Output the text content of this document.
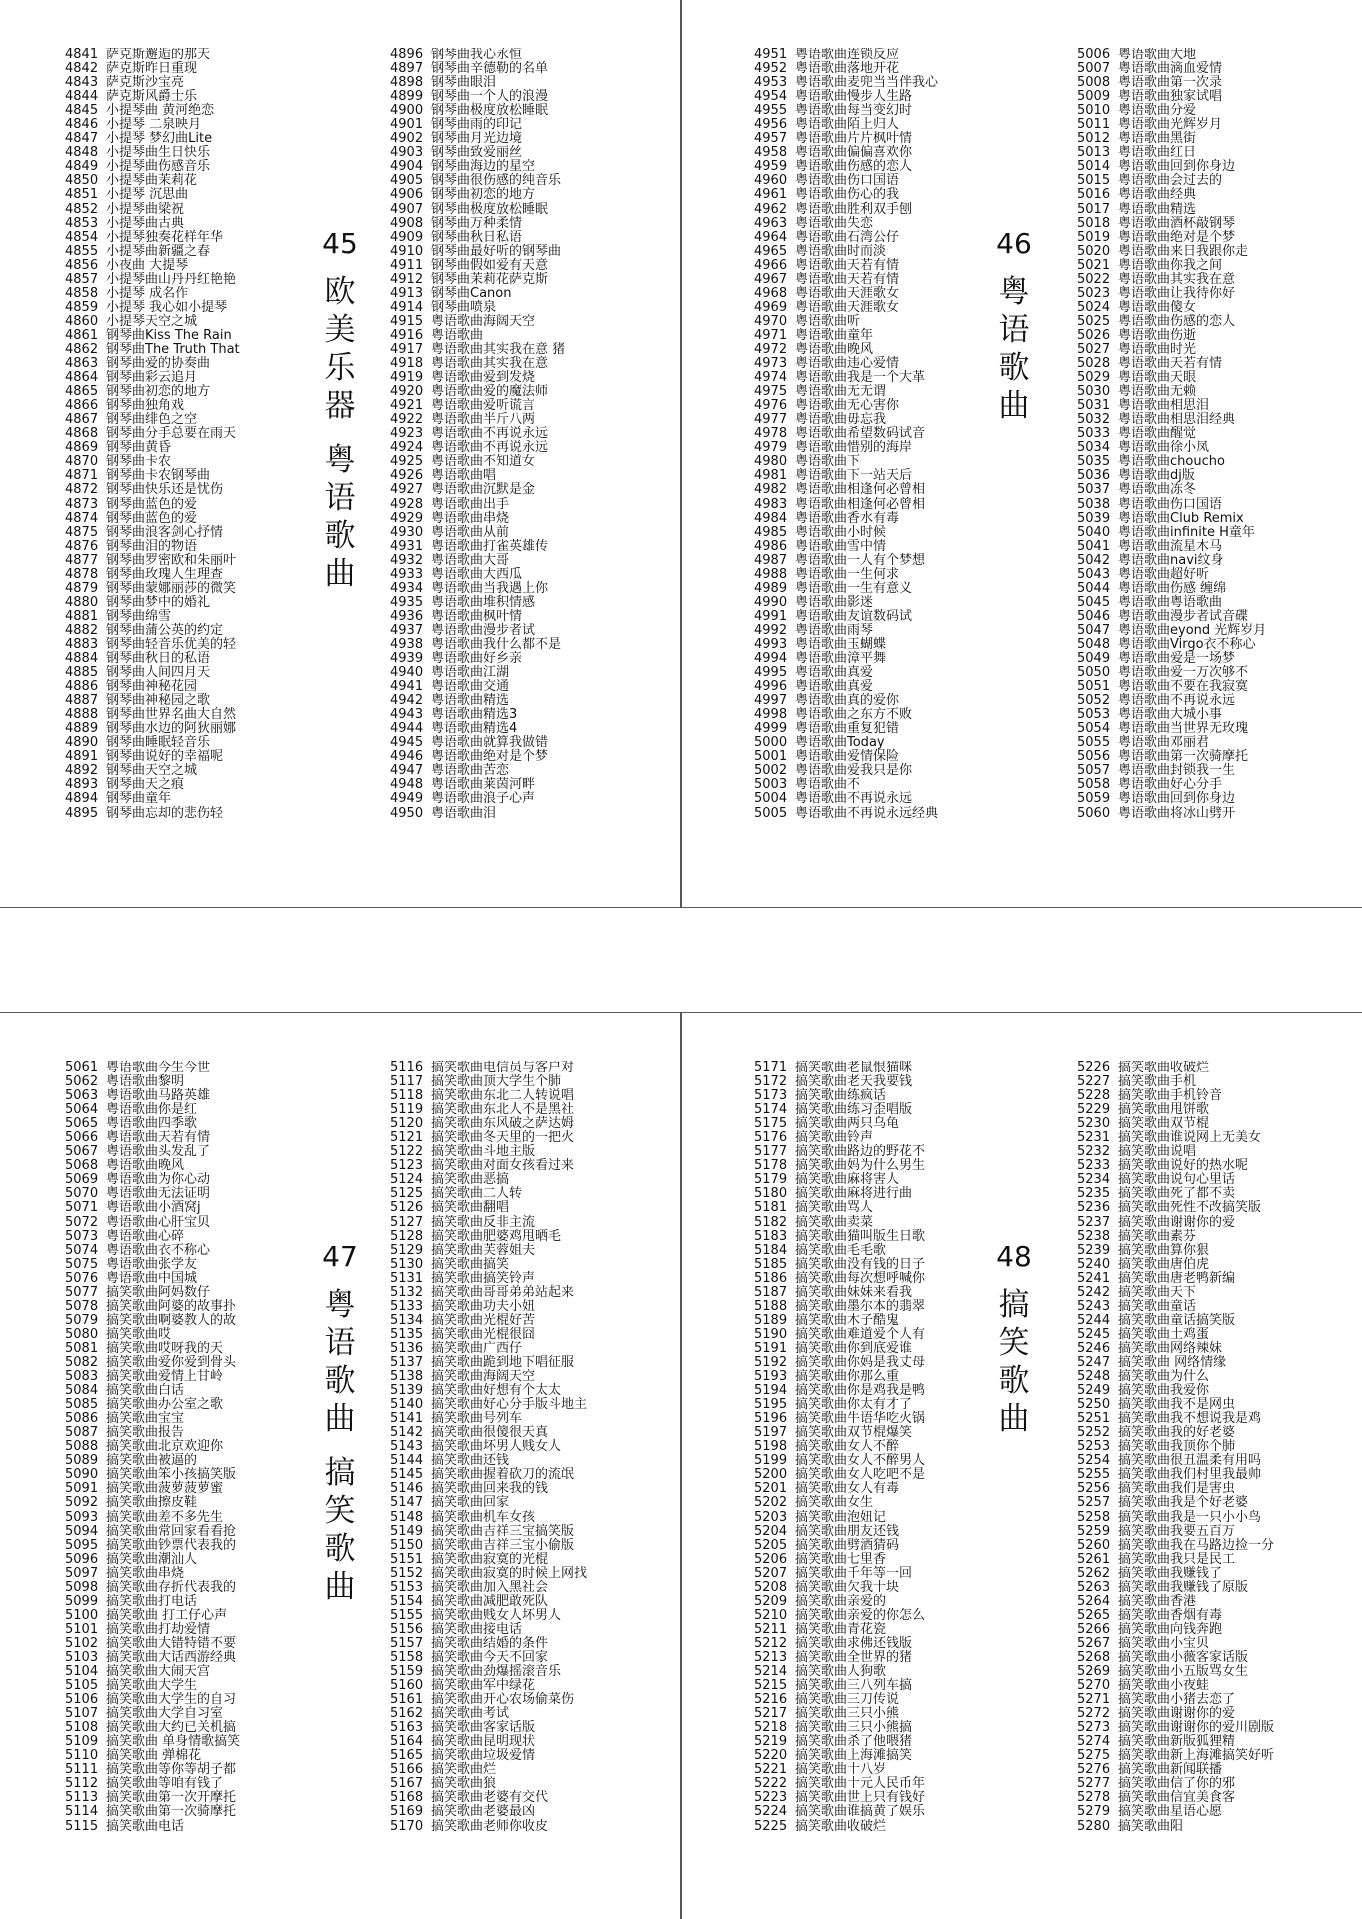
4841 萨克斯邂逅的那天
4842 萨克斯昨日重现
4843 萨克斯沙宝亮
4844 萨克斯风爵士乐
4845 小提琴曲 黄河绝恋
4846 小提琴 二泉映月
4847 小提琴 梦幻曲Lite
4848 小提琴曲生日快乐
4849 小提琴曲伤感音乐
4850 小提琴曲茉莉花
4851 小提琴 沉思曲
4852 小提琴曲梁祝
4853 小提琴曲古典
4854 小提琴独奏花样年华
4855 小提琴曲新疆之春
4856 小夜曲 大提琴
4857 小提琴曲山丹丹红艳艳
4858 小提琴 成名作
4859 小提琴 我心如小提琴
4860 小提琴天空之城
4861 钢琴曲Kiss The Rain
4862 钢琴曲The Truth That
4863 钢琴曲爱的协奏曲
4864 钢琴曲彩云追月
4865 钢琴曲初恋的地方
4866 钢琴曲独角戏
4867 钢琴曲绯色之空
4868 钢琴曲分手总要在雨天
4869 钢琴曲黄昏
4870 钢琴曲卡农
4871 钢琴曲卡农钢琴曲
4872 钢琴曲快乐还是忧伤
4873 钢琴曲蓝色的爱
4874 钢琴曲蓝色的爱
4875 钢琴曲浪客剑心抒情
4876 钢琴曲泪的物语
4877 钢琴曲罗密欧和朱丽叶
4878 钢琴曲玫瑰人生理查
4879 钢琴曲蒙娜丽莎的微笑
4880 钢琴曲梦中的婚礼
4881 钢琴曲绵雪
4882 钢琴曲蒲公英的约定
4883 钢琴曲轻音乐优美的轻
4884 钢琴曲秋日的私语
4885 钢琴曲人间四月天
4886 钢琴曲神秘花园
4887 钢琴曲神秘园之歌
4888 钢琴曲世界名曲大自然
4889 钢琴曲水边的阿狄丽娜
4890 钢琴曲睡眠轻音乐
4891 钢琴曲说好的幸福呢
4892 钢琴曲天空之城
4893 钢琴曲天之痕
4894 钢琴曲童年
4895 钢琴曲忘却的悲伤轻
4896 钢琴曲我心永恒
4897 钢琴曲辛德勒的名单
4898 钢琴曲眼泪
4899 钢琴曲一个人的浪漫
4900 钢琴曲极度放松睡眠
4901 钢琴曲雨的印记
4902 钢琴曲月光边境
4903 钢琴曲致爱丽丝
4904 钢琴曲海边的星空
4905 钢琴曲很伤感的纯音乐
4906 钢琴曲初恋的地方
4907 钢琴曲极度放松睡眠
4908 钢琴曲万种柔情
4909 钢琴曲秋日私语
4910 钢琴曲最好听的钢琴曲
4911 钢琴曲假如爱有天意
4912 钢琴曲茉莉花萨克斯
4913 钢琴曲Canon
4914 钢琴曲喷泉
4915 粤语歌曲海阔天空
4916 粤语歌曲
4917 粤语歌曲其实我在意 猪
4918 粤语歌曲其实我在意
4919 粤语歌曲爱到发烧
4920 粤语歌曲爱的魔法师
4921 粤语歌曲爱听谎言
4922 粤语歌曲半斤八两
4923 粤语歌曲不再说永远
4924 粤语歌曲不再说永远
4925 粤语歌曲不知道女
4926 粤语歌曲唱
4927 粤语歌曲沉默是金
4928 粤语歌曲出手
4929 粤语歌曲串烧
4930 粤语歌曲从前
4931 粤语歌曲打雀英雄传
4932 粤语歌曲大哥
4933 粤语歌曲大西瓜
4934 粤语歌曲当我遇上你
4935 粤语歌曲堆积情感
4936 粤语歌曲枫叶情
4937 粤语歌曲漫步者试
4938 粤语歌曲我什么都不是
4939 粤语歌曲好乡亲
4940 粤语歌曲江湖
4941 粤语歌曲交通
4942 粤语歌曲精选
4943 粤语歌曲精选3
4944 粤语歌曲精选4
4945 粤语歌曲就算我做错
4946 粤语歌曲绝对是个梦
4947 粤语歌曲苦恋
4948 粤语歌曲莱茵河畔
4949 粤语歌曲浪子心声
4950 粤语歌曲泪
45
欧
美
乐
器
粤
语
歌
曲
4951 粤语歌曲连锁反应
4952 粤语歌曲落地开花
4953 粤语歌曲麦兜当当伴我心
4954 粤语歌曲慢步人生路
4955 粤语歌曲每当变幻时
4956 粤语歌曲陌上归人
4957 粤语歌曲片片枫叶情
4958 粤语歌曲偏偏喜欢你
4959 粤语歌曲伤感的恋人
4960 粤语歌曲伤口国语
4961 粤语歌曲伤心的我
4962 粤语歌曲胜利双手刨
4963 粤语歌曲失恋
4964 粤语歌曲石湾公仔
4965 粤语歌曲时而淡
4966 粤语歌曲天若有情
4967 粤语歌曲天若有情
4968 粤语歌曲天涯歌女
4969 粤语歌曲天涯歌女
4970 粤语歌曲听
4971 粤语歌曲童年
4972 粤语歌曲晚风
4973 粤语歌曲违心爱情
4974 粤语歌曲我是一个大革
4975 粤语歌曲无无谓
4976 粤语歌曲无心害你
4977 粤语歌曲毋忘我
4978 粤语歌曲希望数码试音
4979 粤语歌曲惜别的海岸
4980 粤语歌曲下
4981 粤语歌曲下一站天后
4982 粤语歌曲相逢何必曾相
4983 粤语歌曲相逢何必曾相
4984 粤语歌曲香水有毒
4985 粤语歌曲小时候
4986 粤语歌曲雪中情
4987 粤语歌曲一人有个梦想
4988 粤语歌曲一生何求
4989 粤语歌曲一生有意义
4990 粤语歌曲影迷
4991 粤语歌曲友谊数码试
4992 粤语歌曲雨琴
4993 粤语歌曲玉蝴蝶
4994 粤语歌曲漳平舞
4995 粤语歌曲真爱
4996 粤语歌曲真爱
4997 粤语歌曲真的爱你
4998 粤语歌曲之东方不败
4999 粤语歌曲重复犯错
5000 粤语歌曲Today
5001 粤语歌曲爱情保险
5002 粤语歌曲爱我只是你
5003 粤语歌曲不
5004 粤语歌曲不再说永远
5005 粤语歌曲不再说永远经典
5006 粤语歌曲大地
5007 粤语歌曲滴血爱情
5008 粤语歌曲第一次录
5009 粤语歌曲独家试唱
5010 粤语歌曲分爱
5011 粤语歌曲光辉岁月
5012 粤语歌曲黑街
5013 粤语歌曲红日
5014 粤语歌曲回到你身边
5015 粤语歌曲会过去的
5016 粤语歌曲经典
5017 粤语歌曲精选
5018 粤语歌曲酒杯敲钢琴
5019 粤语歌曲绝对是个梦
5020 粤语歌曲来日我跟你走
5021 粤语歌曲你我之间
5022 粤语歌曲其实我在意
5023 粤语歌曲让我待你好
5024 粤语歌曲傻女
5025 粤语歌曲伤感的恋人
5026 粤语歌曲伤逝
5027 粤语歌曲时光
5028 粤语歌曲天若有情
5029 粤语歌曲天眼
5030 粤语歌曲无赖
5031 粤语歌曲相思泪
5032 粤语歌曲相思泪经典
5033 粤语歌曲醒觉
5034 粤语歌曲徐小凤
5035 粤语歌曲choucho
5036 粤语歌曲dj版
5037 粤语歌曲冻冬
5038 粤语歌曲伤口国语
5039 粤语歌曲Club Remix
5040 粤语歌曲infinite H童年
5041 粤语歌曲流星木马
5042 粤语歌曲navi纹身
5043 粤语歌曲超好听
5044 粤语歌曲伤感 缠绵
5045 粤语歌曲粤语歌曲
5046 粤语歌曲漫步者试音碟
5047 粤语歌曲eyond 光辉岁月
5048 粤语歌曲Virgo衣不称心
5049 粤语歌曲爱是一场梦
5050 粤语歌曲爱一万次够不
5051 粤语歌曲不要在我寂寞
5052 粤语歌曲不再说永远
5053 粤语歌曲大城小事
5054 粤语歌曲当世界无玫瑰
5055 粤语歌曲邓丽君
5056 粤语歌曲第一次骑摩托
5057 粤语歌曲封锁我一生
5058 粤语歌曲好心分手
5059 粤语歌曲回到你身边
5060 粤语歌曲将冰山劈开
46
粤
语
歌
曲
5061 粤语歌曲今生今世
5062 粤语歌曲黎明
5063 粤语歌曲马路英雄
5064 粤语歌曲你是红
5065 粤语歌曲四季歌
5066 粤语歌曲天若有情
5067 粤语歌曲头发乱了
5068 粤语歌曲晚风
5069 粤语歌曲为你心动
5070 粤语歌曲无法证明
5071 粤语歌曲小酒窝j
5072 粤语歌曲心肝宝贝
5073 粤语歌曲心碎
5074 粤语歌曲衣不称心
5075 粤语歌曲张学友
5076 粤语歌曲中国城
5077 搞笑歌曲阿妈数仔
5078 搞笑歌曲阿婆的故事扑
5079 搞笑歌曲啊婆教人的故
5080 搞笑歌曲哎
5081 搞笑歌曲哎呀我的天
5082 搞笑歌曲爱你爱到骨头
5083 搞笑歌曲爱情上甘岭
5084 搞笑歌曲白话
5085 搞笑歌曲办公室之歌
5086 搞笑歌曲宝宝
5087 搞笑歌曲报告
5088 搞笑歌曲北京欢迎你
5089 搞笑歌曲被逼的
5090 搞笑歌曲笨小孩搞笑版
5091 搞笑歌曲菠萝菠萝蜜
5092 搞笑歌曲擦皮鞋
5093 搞笑歌曲差不多先生
5094 搞笑歌曲常回家看看抢
5095 搞笑歌曲钞票代表我的
5096 搞笑歌曲潮汕人
5097 搞笑歌曲串烧
5098 搞笑歌曲存折代表我的
5099 搞笑歌曲打电话
5100 搞笑歌曲 打工仔心声
5101 搞笑歌曲打劫爱情
5102 搞笑歌曲大错特错不要
5103 搞笑歌曲大话西游经典
5104 搞笑歌曲大闹天宫
5105 搞笑歌曲大学生
5106 搞笑歌曲大学生的自习
5107 搞笑歌曲大学自习室
5108 搞笑歌曲大约已关机搞
5109 搞笑歌曲 单身情歌搞笑
5110 搞笑歌曲 弹棉花
5111 搞笑歌曲等你等胡子都
5112 搞笑歌曲等咱有钱了
5113 搞笑歌曲第一次开摩托
5114 搞笑歌曲第一次骑摩托
5115 搞笑歌曲电话
5116 搞笑歌曲电信员与客户对
5117 搞笑歌曲顶大学生个肺
5118 搞笑歌曲东北二人转说唱
5119 搞笑歌曲东北人不是黑社
5120 搞笑歌曲东风破之萨达姆
5121 搞笑歌曲冬天里的一把火
5122 搞笑歌曲斗地主版
5123 搞笑歌曲对面女孩看过来
5124 搞笑歌曲恶搞
5125 搞笑歌曲二人转
5126 搞笑歌曲翻唱
5127 搞笑歌曲反非主流
5128 搞笑歌曲肥婆鸡甩晒毛
5129 搞笑歌曲芙蓉姐夫
5130 搞笑歌曲搞笑
5131 搞笑歌曲搞笑铃声
5132 搞笑歌曲哥哥弟弟站起来
5133 搞笑歌曲功夫小妞
5134 搞笑歌曲光棍好苦
5135 搞笑歌曲光棍很囧
5136 搞笑歌曲广西仔
5137 搞笑歌曲跪到地下唱征服
5138 搞笑歌曲海阔天空
5139 搞笑歌曲好想有个太太
5140 搞笑歌曲好心分手版斗地主
5141 搞笑歌曲号列车
5142 搞笑歌曲很傻很天真
5143 搞笑歌曲坏男人贱女人
5144 搞笑歌曲还钱
5145 搞笑歌曲握着砍刀的流氓
5146 搞笑歌曲回来我的钱
5147 搞笑歌曲回家
5148 搞笑歌曲机车女孩
5149 搞笑歌曲吉祥三宝搞笑版
5150 搞笑歌曲吉祥三宝小偷版
5151 搞笑歌曲寂寞的光棍
5152 搞笑歌曲寂寞的时候上网找
5153 搞笑歌曲加入黑社会
5154 搞笑歌曲减肥敢死队
5155 搞笑歌曲贱女人坏男人
5156 搞笑歌曲接电话
5157 搞笑歌曲结婚的条件
5158 搞笑歌曲今天不回家
5159 搞笑歌曲劲爆摇滚音乐
5160 搞笑歌曲军中绿花
5161 搞笑歌曲开心农场偷菜伤
5162 搞笑歌曲考试
5163 搞笑歌曲客家话版
5164 搞笑歌曲昆明现状
5165 搞笑歌曲垃圾爱情
5166 搞笑歌曲烂
5167 搞笑歌曲狼
5168 搞笑歌曲老婆有交代
5169 搞笑歌曲老婆最凶
5170 搞笑歌曲老师你收皮
47
粤
语
歌
曲
搞
笑
歌
曲
5171 搞笑歌曲老鼠恨猫咪
5172 搞笑歌曲老天我要钱
5173 搞笑歌曲练疯话
5174 搞笑歌曲练习歪唱版
5175 搞笑歌曲两只乌龟
5176 搞笑歌曲铃声
5177 搞笑歌曲路边的野花不
5178 搞笑歌曲妈为什么男生
5179 搞笑歌曲麻将害人
5180 搞笑歌曲麻将进行曲
5181 搞笑歌曲骂人
5182 搞笑歌曲卖菜
5183 搞笑歌曲猫叫版生日歌
5184 搞笑歌曲毛毛歌
5185 搞笑歌曲没有钱的日子
5186 搞笑歌曲每次想呼喊你
5187 搞笑歌曲妹妹来看我
5188 搞笑歌曲墨尔本的翡翠
5189 搞笑歌曲木子酷鬼
5190 搞笑歌曲难道爱个人有
5191 搞笑歌曲你到底爱谁
5192 搞笑歌曲你妈是我丈母
5193 搞笑歌曲你那么重
5194 搞笑歌曲你是鸡我是鸭
5195 搞笑歌曲你太有才了
5196 搞笑歌曲牛语华吃火锅
5197 搞笑歌曲双节棍爆笑
5198 搞笑歌曲女人不醉
5199 搞笑歌曲女人不醉男人
5200 搞笑歌曲女人吃吧不是
5201 搞笑歌曲女人有毒
5202 搞笑歌曲女生
5203 搞笑歌曲泡妞记
5204 搞笑歌曲朋友还钱
5205 搞笑歌曲劈酒猜码
5206 搞笑歌曲七里香
5207 搞笑歌曲千年等一回
5208 搞笑歌曲欠我十块
5209 搞笑歌曲亲爱的
5210 搞笑歌曲亲爱的你怎么
5211 搞笑歌曲青花瓷
5212 搞笑歌曲求佛还钱版
5213 搞笑歌曲全世界的猪
5214 搞笑歌曲人狗歌
5215 搞笑歌曲三八列车搞
5216 搞笑歌曲三刀传说
5217 搞笑歌曲三只小熊
5218 搞笑歌曲三只小熊搞
5219 搞笑歌曲杀了他喂猪
5220 搞笑歌曲上海滩搞笑
5221 搞笑歌曲十八岁
5222 搞笑歌曲十元人民币年
5223 搞笑歌曲世上只有钱好
5224 搞笑歌曲谁搞黄了娱乐
5225 搞笑歌曲收破烂
5226 搞笑歌曲收破烂
5227 搞笑歌曲手机
5228 搞笑歌曲手机铃音
5229 搞笑歌曲甩饼歌
5230 搞笑歌曲双节棍
5231 搞笑歌曲谁说网上无美女
5232 搞笑歌曲说唱
5233 搞笑歌曲说好的热水呢
5234 搞笑歌曲说句心里话
5235 搞笑歌曲死了都不卖
5236 搞笑歌曲死性不改搞笑版
5237 搞笑歌曲谢谢你的爱
5238 搞笑歌曲素芬
5239 搞笑歌曲算你狠
5240 搞笑歌曲唐伯虎
5241 搞笑歌曲唐老鸭新编
5242 搞笑歌曲天下
5243 搞笑歌曲童话
5244 搞笑歌曲童话搞笑版
5245 搞笑歌曲土鸡蛋
5246 搞笑歌曲网络辣妹
5247 搞笑歌曲 网络情缘
5248 搞笑歌曲为什么
5249 搞笑歌曲我爱你
5250 搞笑歌曲我不是网虫
5251 搞笑歌曲我不想说我是鸡
5252 搞笑歌曲我的好老婆
5253 搞笑歌曲我顶你个肺
5254 搞笑歌曲很丑温柔有用吗
5255 搞笑歌曲我们村里我最帅
5256 搞笑歌曲我们是害虫
5257 搞笑歌曲我是个好老婆
5258 搞笑歌曲我是一只小小鸟
5259 搞笑歌曲我要五百万
5260 搞笑歌曲我在马路边捡一分
5261 搞笑歌曲我只是民工
5262 搞笑歌曲我赚钱了
5263 搞笑歌曲我赚钱了原版
5264 搞笑歌曲香港
5265 搞笑歌曲香烟有毒
5266 搞笑歌曲向钱奔跑
5267 搞笑歌曲小宝贝
5268 搞笑歌曲小薇客家话版
5269 搞笑歌曲小五版骂女生
5270 搞笑歌曲小夜蛙
5271 搞笑歌曲小猪去恋了
5272 搞笑歌曲谢谢你的爱
5273 搞笑歌曲谢谢你的爱川剧版
5274 搞笑歌曲新版狐狸精
5275 搞笑歌曲新上海滩搞笑好听
5276 搞笑歌曲新闻联播
5277 搞笑歌曲信了你的邪
5278 搞笑歌曲信宜美食客
5279 搞笑歌曲星语心愿
5280 搞笑歌曲阳
48
搞
笑
歌
曲
